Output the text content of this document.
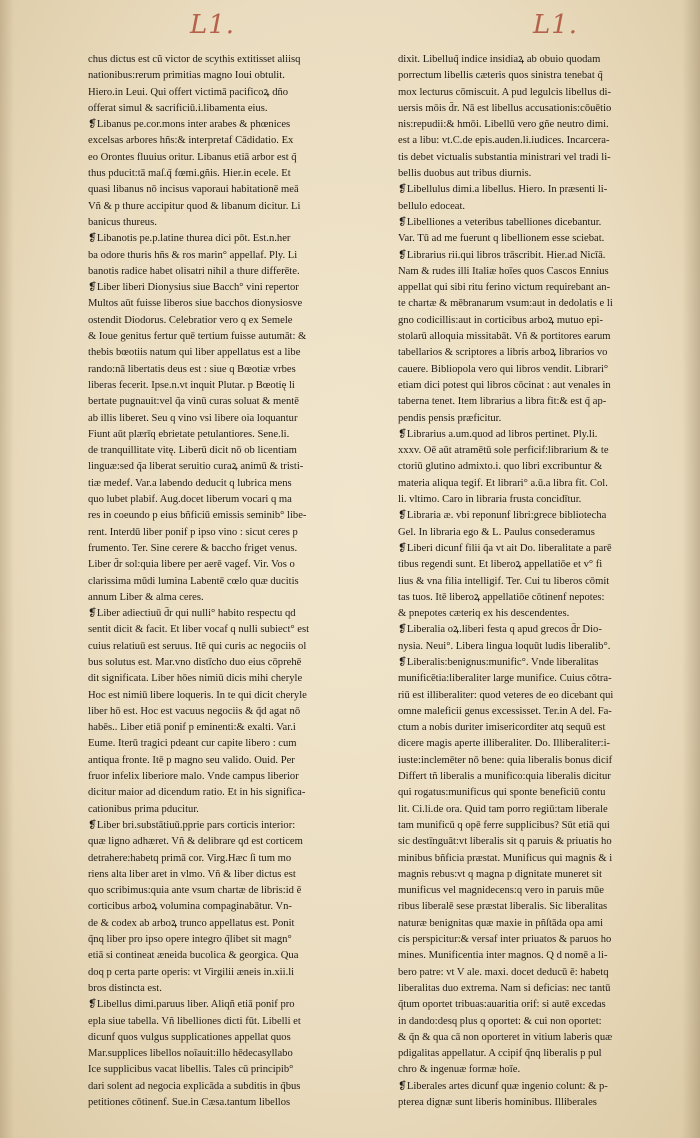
L1.	L1.
chus dictus est cũ victor de scythis extitisset aliisq
nationibus:rerum primitias magno Ioui obtulit.
Hiero.in Leui. Qui offert victimā pacificoꝝ dño
offerat simul & sacrificiū.i.libamenta eius.
❡Libanus pe.cor.mons inter arabes & phœnices
excelsas arbores hñs:& interpretaf Cādidatio. Ex
eo Orontes fluuius oritur. Libanus etiā arbor est q̃
thus pducit:tā maſ.q̃ fœmi.gñis. Hier.in ecele. Et
quasi libanus nō incisus vaporaui habitationē meā
Vñ & p thure accipitur quod & libanum dicitur. Li
banicus thureus.
❡Libanotis pe.p.latine thurea dici pōt. Est.n.her
ba odore thuris hñs & ros marin° appellaf. Ply. Li
banotis radice habet olisatri nihil a thure differēte.
❡Liber liberi Dionysius siue Bacch° vini repertor
Multos aūt fuisse liberos siue bacchos dionysiosve
ostendit Diodorus. Celebratior vero q ex Semele
& Ioue genitus fertur quē tertium fuisse autumāt: &
thebis bœotiis natum qui liber appellatus est a libe
rando:nā libertatis deus est : siue q Bœotiæ vrbes
liberas fecerit. Ipse.n.vt inquit Plutar. p Bœotię li
bertate pugnauit:vel q̃a vinū curas soluat & mentē
ab illis liberet. Seu q vino vsi libere oia loquantur
Fiunt aūt plærīq ebrietate petulantiores. Sene.li.
de tranquillitate vitę. Liberū dicit nō ob licentiam
linguæ:sed q̃a liberat seruitio curaꝝ animū & tristi-
tiæ medef. Var.a labendo deducit q lubrica mens
quo lubet plabif. Aug.docet liberum vocari q ma
res in coeundo p eius bñficiū emissis seminib° libe-
rent. Interdū liber ponif p ipso vino : sicut ceres p
frumento. Ter. Sine cerere & baccho friget venus.
Liber d̄r sol:quia libere per aerē vagef. Vir. Vos o
clarissima mūdi lumina Labentē cœlo quæ ducitis
annum Liber & alma ceres.
❡Liber adiectiuū d̄r qui nulli° habito respectu qd
sentit dicit & facit. Et liber vocaf q nulli subiect° est
cuius relatiuū est seruus. Itē qui curis ac negociis ol
bus solutus est. Mar.vno distīcho duo eius cōprehē
dit significata. Liber hōes nimiū dicis mihi cheryle
Hoc est nimiū libere loqueris. In te qui dicit cheryle
liber hō est. Hoc est vacuus negociis & q̃d agat nō
habēs.. Liber etiā ponif p eminenti:& exalti. Var.i
Eume. Iterū tragici pdeant cur capite libero : cum
antiqua fronte. Itē p magno seu valido. Ouid. Per
fruor infelix liberiore malo. Vnde campus liberior
dicitur maior ad dicendum ratio. Et in his significa-
cationibus prima pducitur.
❡Liber bri.substātiuū.pprie pars corticis interior:
quæ ligno adhæret. Vñ & delibrare qd est corticem
detrahere:habetq primā cor. Virg.Hæc ſi tum mo
riens alta liber aret in vlmo. Vñ & liber dictus est
quo scribimus:quia ante vsum chartæ de libris:id ē
corticibus arboꝝ volumina compaginabātur. Vn-
de & codex ab arboꝝ trunco appellatus est. Ponit
q̃nq liber pro ipso opere integro q̃libet sit magn°
etiā si contineat æneida bucolica & georgica. Qua
doq p certa parte operis: vt Virgilii æneis in.xii.li
bros distincta est.
❡Libellus dimi.paruus liber. Aliqñ etiā ponif pro
epla siue tabella. Vñ libelliones dicti fūt. Libelli et
dicunf quos vulgus supplicationes appellat quos
Mar.supplices libellos noīauit:illo hēdecasyllabo
Ice supplicibus vacat libellis. Tales cū principib°
dari solent ad negocia explicāda a subditis in q̃bus
petitiones cōtinenf. Sue.in Cæsa.tantum libellos
dixit. Libelluq̃ indice insidiaꝝ ab obuio quodam
porrectum libellis cæteris quos sinistra tenebat q̃
mox lecturus cōmiscuit. A pud legulcis libellus di-
uersis mōis d̄r. Nā est libellus accusationis:cōuētio
nis:repudii:& hmōi. Libellū vero gñe neutro dimi.
est a libu: vt.C.de epis.auden.li.iudices. Incarcera-
tis debet victualis substantia ministrari vel tradi li-
bellis duobus aut tribus diurnis.
❡Libellulus dimi.a libellus. Hiero. In præsenti li-
bellulo edoceat.
❡Libelliones a veteribus tabelliones dicebantur.
Var. Tū ad me fuerunt q libellionem esse sciebat.
❡Librarius rii.qui libros trāscribit. Hier.ad Nicīā.
Nam & rudes illi Italiæ hoīes quos Cascos Ennius
appellat qui sibi ritu ferino victum requirebant an-
te chartæ & mēbranarum vsum:aut in dedolatis e li
gno codicillis:aut in corticibus arboꝝ mutuo epi-
stolarū alloquia missitabāt. Vñ & portitores earum
tabellarios & scriptores a libris arboꝝ librarios vo
cauere. Bibliopola vero qui libros vendit. Librari°
etiam dici potest qui libros cōcinat : aut venales in
taberna tenet. Item librarius a libra fit:& est q̃ ap-
pendis pensis præficitur.
❡Librarius a.um.quod ad libros pertinet. Ply.li.
xxxv. Oē aūt atramētū sole perficif:librarium & te
ctoriū glutino admixto.i. quo libri excribuntur &
materia aliqua tegif. Et librari° a.ū.a libra fit. Col.
li. vltimo. Caro in libraria frusta concidītur.
❡Libraria æ. vbi reponunf libri:grece bibliotecha
Gel. In libraria ego & L. Paulus consederamus
❡Liberi dicunf filii q̃a vt ait Do. liberalitate a parē
tibus regendi sunt. Et liberoꝝ appellatiōe et v° fi
lius & vna filia intelligif. Ter. Cui tu liberos cōmit
tas tuos. Itē liberoꝝ appellatiōe cōtinenf nepotes:
& pnepotes cæteriq ex his descendentes.
❡Liberalia oꝝ.liberi festa q apud grecos d̄r Dio-
nysia. Neui°. Libera lingua loquūt ludis liberalib°.
❡Liberalis:benignus:munific°. Vnde liberalitas
munificētia:liberaliter large munifice. Cuius cōtra-
riū est illiberaliter: quod veteres de eo dicebant qui
omne maleficii genus excessisset. Ter.in A del. Fa-
ctum a nobis duriter imisericorditer atq sequū est
dicere magis aperte illiberaliter. Do. Illiberaliter:i-
iuste:inclemēter nō bene: quia liberalis bonus dicif
Differt tñ liberalis a munifico:quia liberalis dicitur
qui rogatus:munificus qui sponte beneficiū contu
lit. Ci.li.de ora. Quid tam porro regiū:tam liberale
tam munificū q opē ferre supplicibus? Sūt etiā qui
sic destīnguāt:vt liberalis sit q paruis & priuatis ho
minibus bñficia præstat. Munificus qui magnis & i
magnis rebus:vt q magna p dignitate muneret sit
munificus vel magnidecens:q vero in paruis mūe
ribus liberalē sese præstat liberalis. Sic liberalitas
naturæ benignitas quæ maxie in pñſtāda opa ami
cis perspicitur:& versaf inter priuatos & paruos ho
mines. Munificentia inter magnos. Q d nomē a li-
bero patre: vt V ale. maxi. docet deducū ē: habetq
liberalitas duo extrema. Nam si deficias: nec tantū
q̃tum oportet tribuas:auaritia orif: si autē excedas
in dando:desq plus q oportet: & cui non oportet:
& q̃n & qua cā non oporteret in vitium laberis quæ
pdigalitas appellatur. A ccipif q̃nq liberalis p pul
chro & ingenuæ formæ hoīe.
❡Liberales artes dicunf quæ ingenio colunt: & p-
pterea dignæ sunt liberis hominibus. Illiberales
